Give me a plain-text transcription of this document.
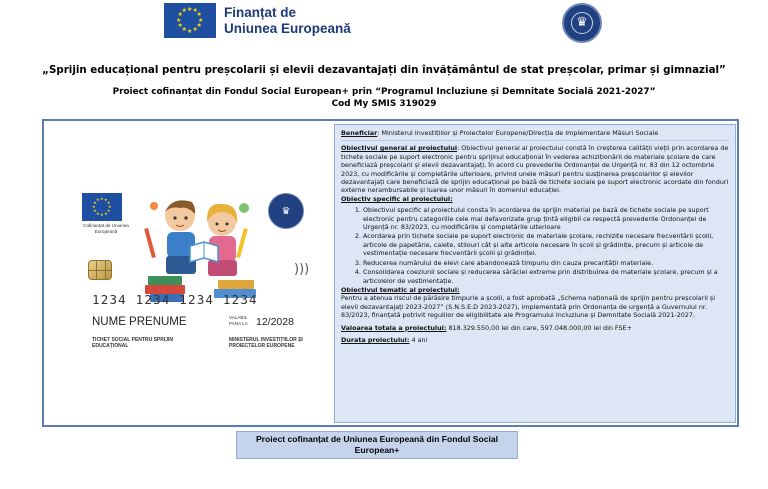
★
★
★
★
★
★
★
★
★ ★ ★
★ Finanțat de
Uniunea Europeană	♛
„Sprijin educațional pentru preșcolarii și elevii dezavantajați din învățământul de stat preșcolar, primar și gimnazial”
Proiect cofinanțat din Fondul Social European+ prin “Programul Incluziune și Demnitate Socială 2021-2027”
Cod My SMIS 319029
★
★
★
★
★
★
★
★
★ ★ ★
★
Cofinanțat de Uniunea Europeană
♛
)))
1234 1234 1234 1234
NUME PRENUME	VALABIL PANA LA 12/2028
TICHET SOCIAL PENTRU SPRIJIN EDUCAȚIONAL
MINISTERUL INVESTIȚIILOR ȘI PROIECTELOR EUROPENE

Beneficiar: Ministerul Investițiilor și Proiectelor Europene/Direcția de Implementare Măsuri Sociale

Obiectivul general al proiectului: Obiectivul general al proiectului constă în creșterea calității vieții prin acordarea de tichete sociale pe suport electronic pentru sprijinul educațional în vederea achiziționării de materiale școlare de care beneficiază preșcolarii și elevii dezavantajați, în acord cu prevederile Ordonanței de Urgență nr. 83 din 12 octombrie 2023, cu modificările și completările ulterioare, privind unele măsuri pentru susținerea preșcolarilor și elevilor dezavantajați care beneficiază de sprijin educațional pe bază de tichete sociale pe suport electronic acordate din fonduri externe nerambursabile și luarea unor măsuri în domeniul educației.

Obiectiv specific al proiectului:

1. Obiectivul specific al proiectului consta în acordarea de sprijin material pe bază de tichete sociale pe suport electronic pentru categoriile cele mai defavorizate grup țintă eligibil ce respectă prevederile Ordonanței de Urgență nr. 83/2023, cu modificările și completările ulterioare
2. Acordarea prin tichete sociale pe suport electronic de materiale școlare, rechizite necesare frecventării școlii, articole de papetărie, caiete, stilouri cât și alte articole necesare în școli și grădinițe, precum și articole de vestimentație necesare frecventării școlii și grădiniței.
3. Reducerea numărului de elevi care abandonează timpuriu din cauza precarității materiale.
4. Consolidarea coeziunii sociale și reducerea sărăciei extreme prin distribuirea de materiale școlare, precum și a articolelor de vestimentație.

Obiectivul tematic al proiectului:

Pentru a atenua riscul de părăsire timpurie a școlii, a fost aprobată „Schema națională de sprijin pentru preșcolarii și elevii dezavantajați 2023-2027” (S.N.S.E.D 2023-2027), implementată prin Ordonanța de urgență a Guvernului nr. 83/2023, finanțată potrivit regulilor de eligibilitate ale Programului Incluziune și Demnitate Socială 2021-2027.

Valoarea totala a proiectului: 818.329.550,00 lei din care, 597.048.000,00 lei din FSE+

Durata proiectului: 4 ani

Proiect cofinanțat de Uniunea Europeană din Fondul Social
European+
